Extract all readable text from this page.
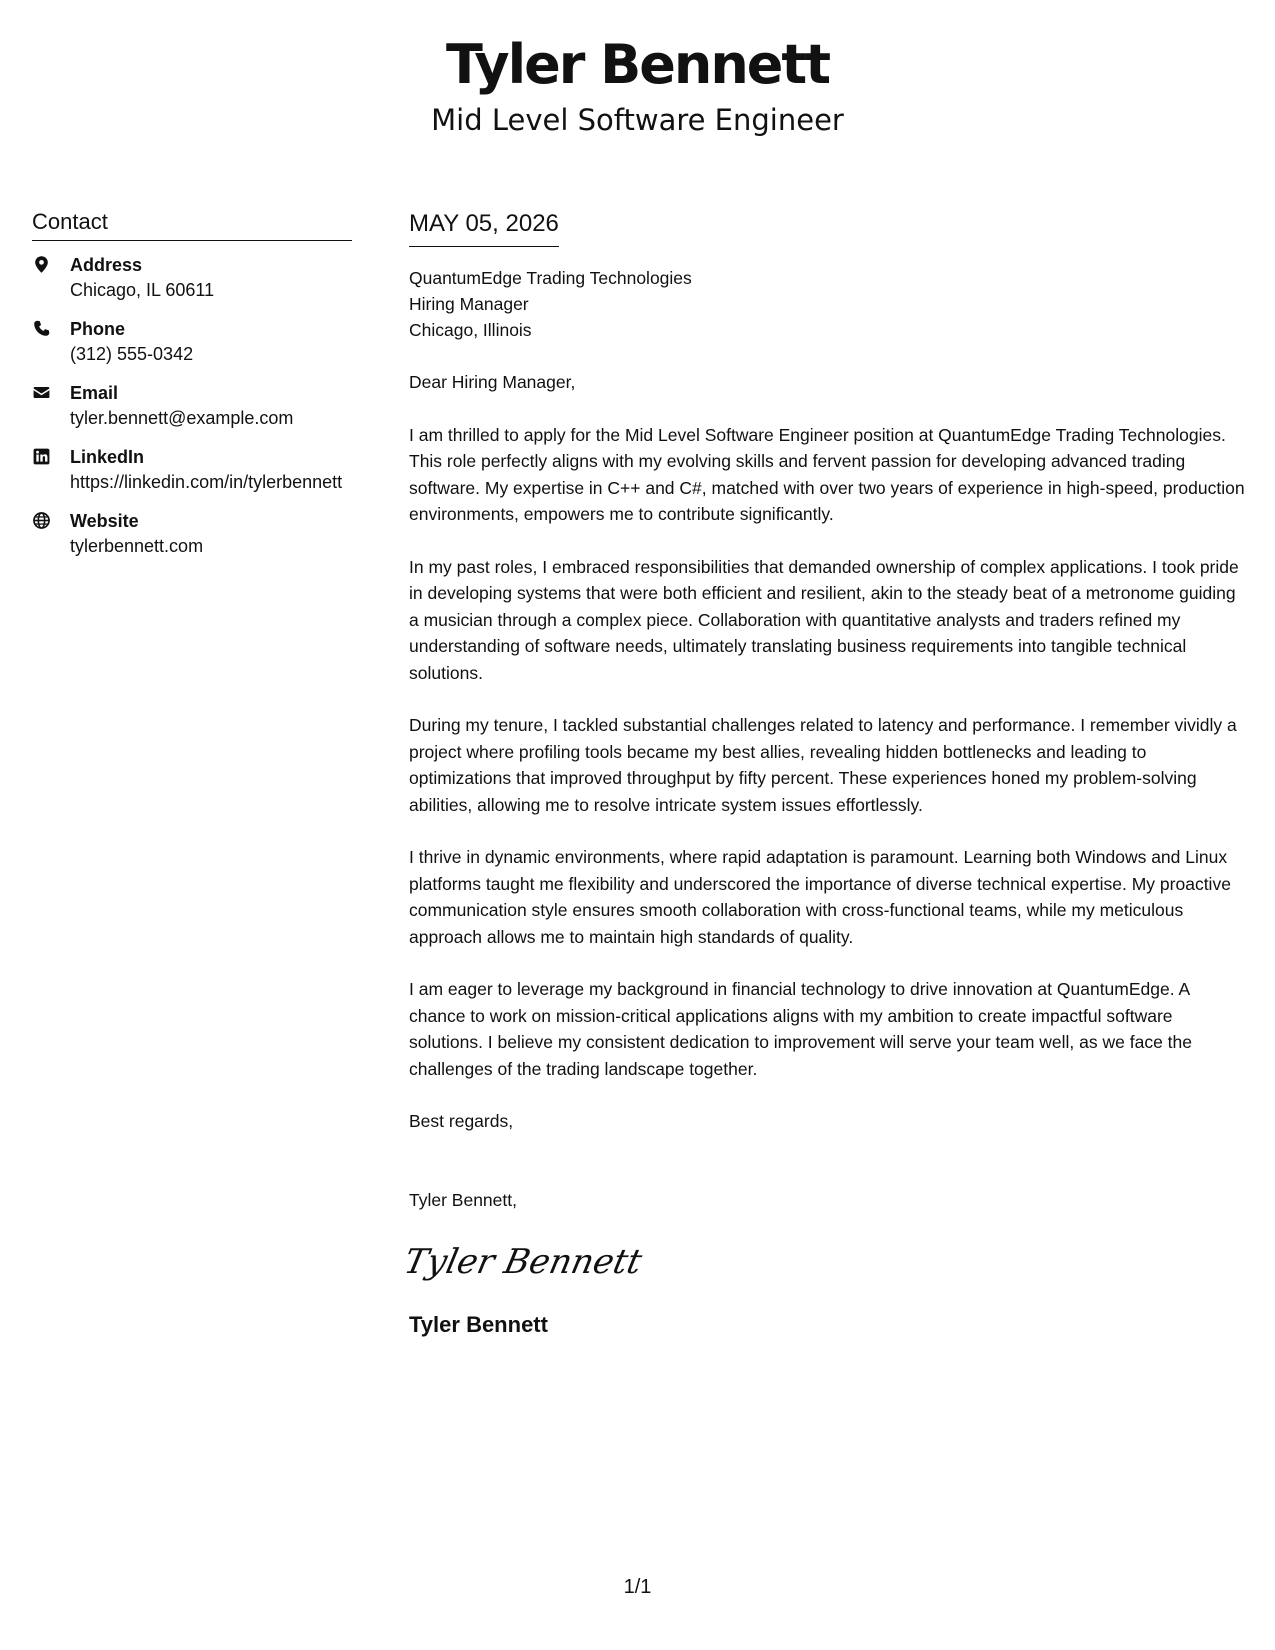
Tyler Bennett
Mid Level Software Engineer
Contact
Address
Chicago, IL 60611
Phone
(312) 555-0342
Email
tyler.bennett@example.com
LinkedIn
https://linkedin.com/in/tylerbennett
Website
tylerbennett.com
MAY 05, 2026
QuantumEdge Trading Technologies
Hiring Manager
Chicago, Illinois
Dear Hiring Manager,
I am thrilled to apply for the Mid Level Software Engineer position at QuantumEdge Trading Technologies. This role perfectly aligns with my evolving skills and fervent passion for developing advanced trading software. My expertise in C++ and C#, matched with over two years of experience in high-speed, production environments, empowers me to contribute significantly.
In my past roles, I embraced responsibilities that demanded ownership of complex applications. I took pride in developing systems that were both efficient and resilient, akin to the steady beat of a metronome guiding a musician through a complex piece. Collaboration with quantitative analysts and traders refined my understanding of software needs, ultimately translating business requirements into tangible technical solutions.
During my tenure, I tackled substantial challenges related to latency and performance. I remember vividly a project where profiling tools became my best allies, revealing hidden bottlenecks and leading to optimizations that improved throughput by fifty percent. These experiences honed my problem-solving abilities, allowing me to resolve intricate system issues effortlessly.
I thrive in dynamic environments, where rapid adaptation is paramount. Learning both Windows and Linux platforms taught me flexibility and underscored the importance of diverse technical expertise. My proactive communication style ensures smooth collaboration with cross-functional teams, while my meticulous approach allows me to maintain high standards of quality.
I am eager to leverage my background in financial technology to drive innovation at QuantumEdge. A chance to work on mission-critical applications aligns with my ambition to create impactful software solutions. I believe my consistent dedication to improvement will serve your team well, as we face the challenges of the trading landscape together.
Best regards,
Tyler Bennett,
Tyler Bennett
Tyler Bennett
1/1
